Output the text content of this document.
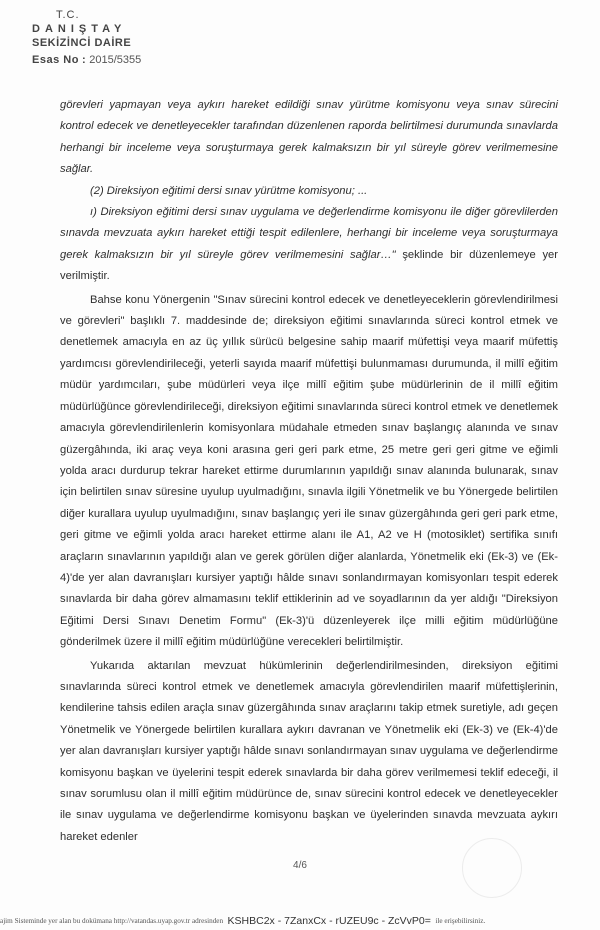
T.C.
DANIŞTAY
SEKİZİNCİ DAİRE
Esas No : 2015/5355

görevleri yapmayan veya aykırı hareket edildiği sınav yürütme komisyonu veya sınav sürecini kontrol edecek ve denetleyecekler tarafından düzenlenen raporda belirtilmesi durumunda sınavlarda herhangi bir inceleme veya soruşturmaya gerek kalmaksızın bir yıl süreyle görev verilmemesine sağlar.

(2) Direksiyon eğitimi dersi sınav yürütme komisyonu; ...

ı) Direksiyon eğitimi dersi sınav uygulama ve değerlendirme komisyonu ile diğer görevlilerden sınavda mevzuata aykırı hareket ettiği tespit edilenlere, herhangi bir inceleme veya soruşturmaya gerek kalmaksızın bir yıl süreyle görev verilmemesini sağlar…" şeklinde bir düzenlemeye yer verilmiştir.

Bahse konu Yönergenin "Sınav sürecini kontrol edecek ve denetleyeceklerin görevlendirilmesi ve görevleri" başlıklı 7. maddesinde de; direksiyon eğitimi sınavlarında süreci kontrol etmek ve denetlemek amacıyla en az üç yıllık sürücü belgesine sahip maarif müfettişi veya maarif müfettiş yardımcısı görevlendirileceği, yeterli sayıda maarif müfettişi bulunmaması durumunda, il millî eğitim müdür yardımcıları, şube müdürleri veya ilçe millî eğitim şube müdürlerinin de il millî eğitim müdürlüğünce görevlendirileceği, direksiyon eğitimi sınavlarında süreci kontrol etmek ve denetlemek amacıyla görevlendirilenlerin komisyonlara müdahale etmeden sınav başlangıç alanında ve sınav güzergâhında, iki araç veya koni arasına geri geri park etme, 25 metre geri geri gitme ve eğimli yolda aracı durdurup tekrar hareket ettirme durumlarının yapıldığı sınav alanında bulunarak, sınav için belirtilen sınav süresine uyulup uyulmadığını, sınavla ilgili Yönetmelik ve bu Yönergede belirtilen diğer kurallara uyulup uyulmadığını, sınav başlangıç yeri ile sınav güzergâhında geri geri park etme, geri gitme ve eğimli yolda aracı hareket ettirme alanı ile A1, A2 ve H (motosiklet) sertifika sınıfı araçların sınavlarının yapıldığı alan ve gerek görülen diğer alanlarda, Yönetmelik eki (Ek-3) ve (Ek-4)'de yer alan davranışları kursiyer yaptığı hâlde sınavı sonlandırmayan komisyonları tespit ederek sınavlarda bir daha görev almamasını teklif ettiklerinin ad ve soyadlarının da yer aldığı "Direksiyon Eğitimi Dersi Sınavı Denetim Formu" (Ek-3)'ü düzenleyerek ilçe milli eğitim müdürlüğüne gönderilmek üzere il millî eğitim müdürlüğüne verecekleri belirtilmiştir.

Yukarıda aktarılan mevzuat hükümlerinin değerlendirilmesinden, direksiyon eğitimi sınavlarında süreci kontrol etmek ve denetlemek amacıyla görevlendirilen maarif müfettişlerinin, kendilerine tahsis edilen araçla sınav güzergâhında sınav araçlarını takip etmek suretiyle, adı geçen Yönetmelik ve Yönergede belirtilen kurallara aykırı davranan ve Yönetmelik eki (Ek-3) ve (Ek-4)'de yer alan davranışları kursiyer yaptığı hâlde sınavı sonlandırmayan sınav uygulama ve değerlendirme komisyonu başkan ve üyelerini tespit ederek sınavlarda bir daha görev verilmemesi teklif edeceği, il sınav sorumlusu olan il millî eğitim müdürünce de, sınav sürecini kontrol edecek ve denetleyecekler ile sınav uygulama ve değerlendirme komisyonu başkan ve üyelerinden sınavda mevzuata aykırı hareket edenler

4/6
ajim Sisteminde yer alan bu dokümana http://vatandas.uyap.gov.tr adresinden KSHBC2x - 7ZanxCx - rUZEU9c - ZcVvP0= ile erişebilirsiniz.
